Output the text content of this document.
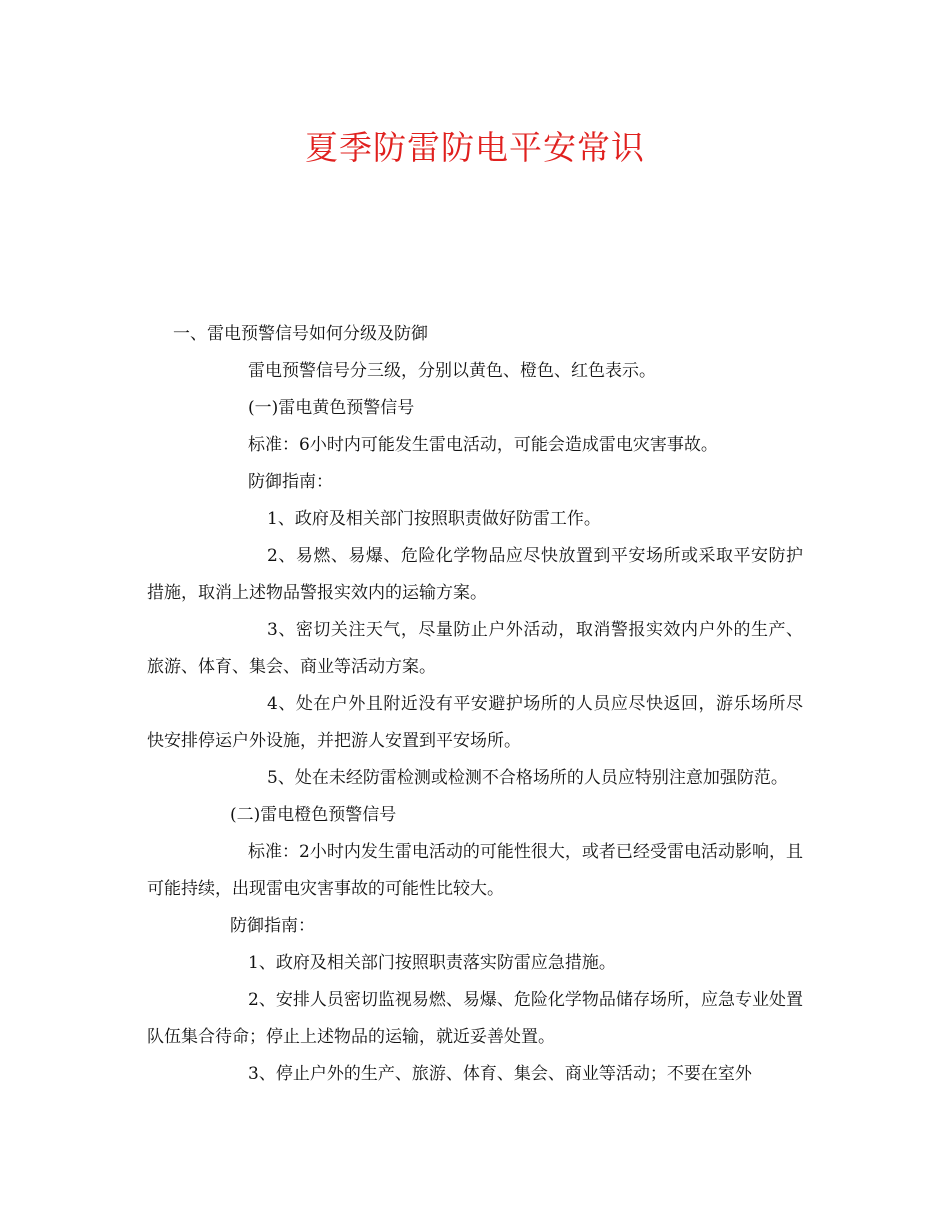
夏季防雷防电平安常识

一、雷电预警信号如何分级及防御

雷电预警信号分三级，分别以黄色、橙色、红色表示。

(一)雷电黄色预警信号

标准：6小时内可能发生雷电活动，可能会造成雷电灾害事故。

防御指南：

1、政府及相关部门按照职责做好防雷工作。

2、易燃、易爆、危险化学物品应尽快放置到平安场所或采取平安防护措施，取消上述物品警报实效内的运输方案。

3、密切关注天气，尽量防止户外活动，取消警报实效内户外的生产、旅游、体育、集会、商业等活动方案。

4、处在户外且附近没有平安避护场所的人员应尽快返回，游乐场所尽快安排停运户外设施，并把游人安置到平安场所。

5、处在未经防雷检测或检测不合格场所的人员应特别注意加强防范。

(二)雷电橙色预警信号

标准：2小时内发生雷电活动的可能性很大，或者已经受雷电活动影响，且可能持续，出现雷电灾害事故的可能性比较大。

防御指南：

1、政府及相关部门按照职责落实防雷应急措施。

2、安排人员密切监视易燃、易爆、危险化学物品储存场所，应急专业处置队伍集合待命；停止上述物品的运输，就近妥善处置。

3、停止户外的生产、旅游、体育、集会、商业等活动；不要在室外
